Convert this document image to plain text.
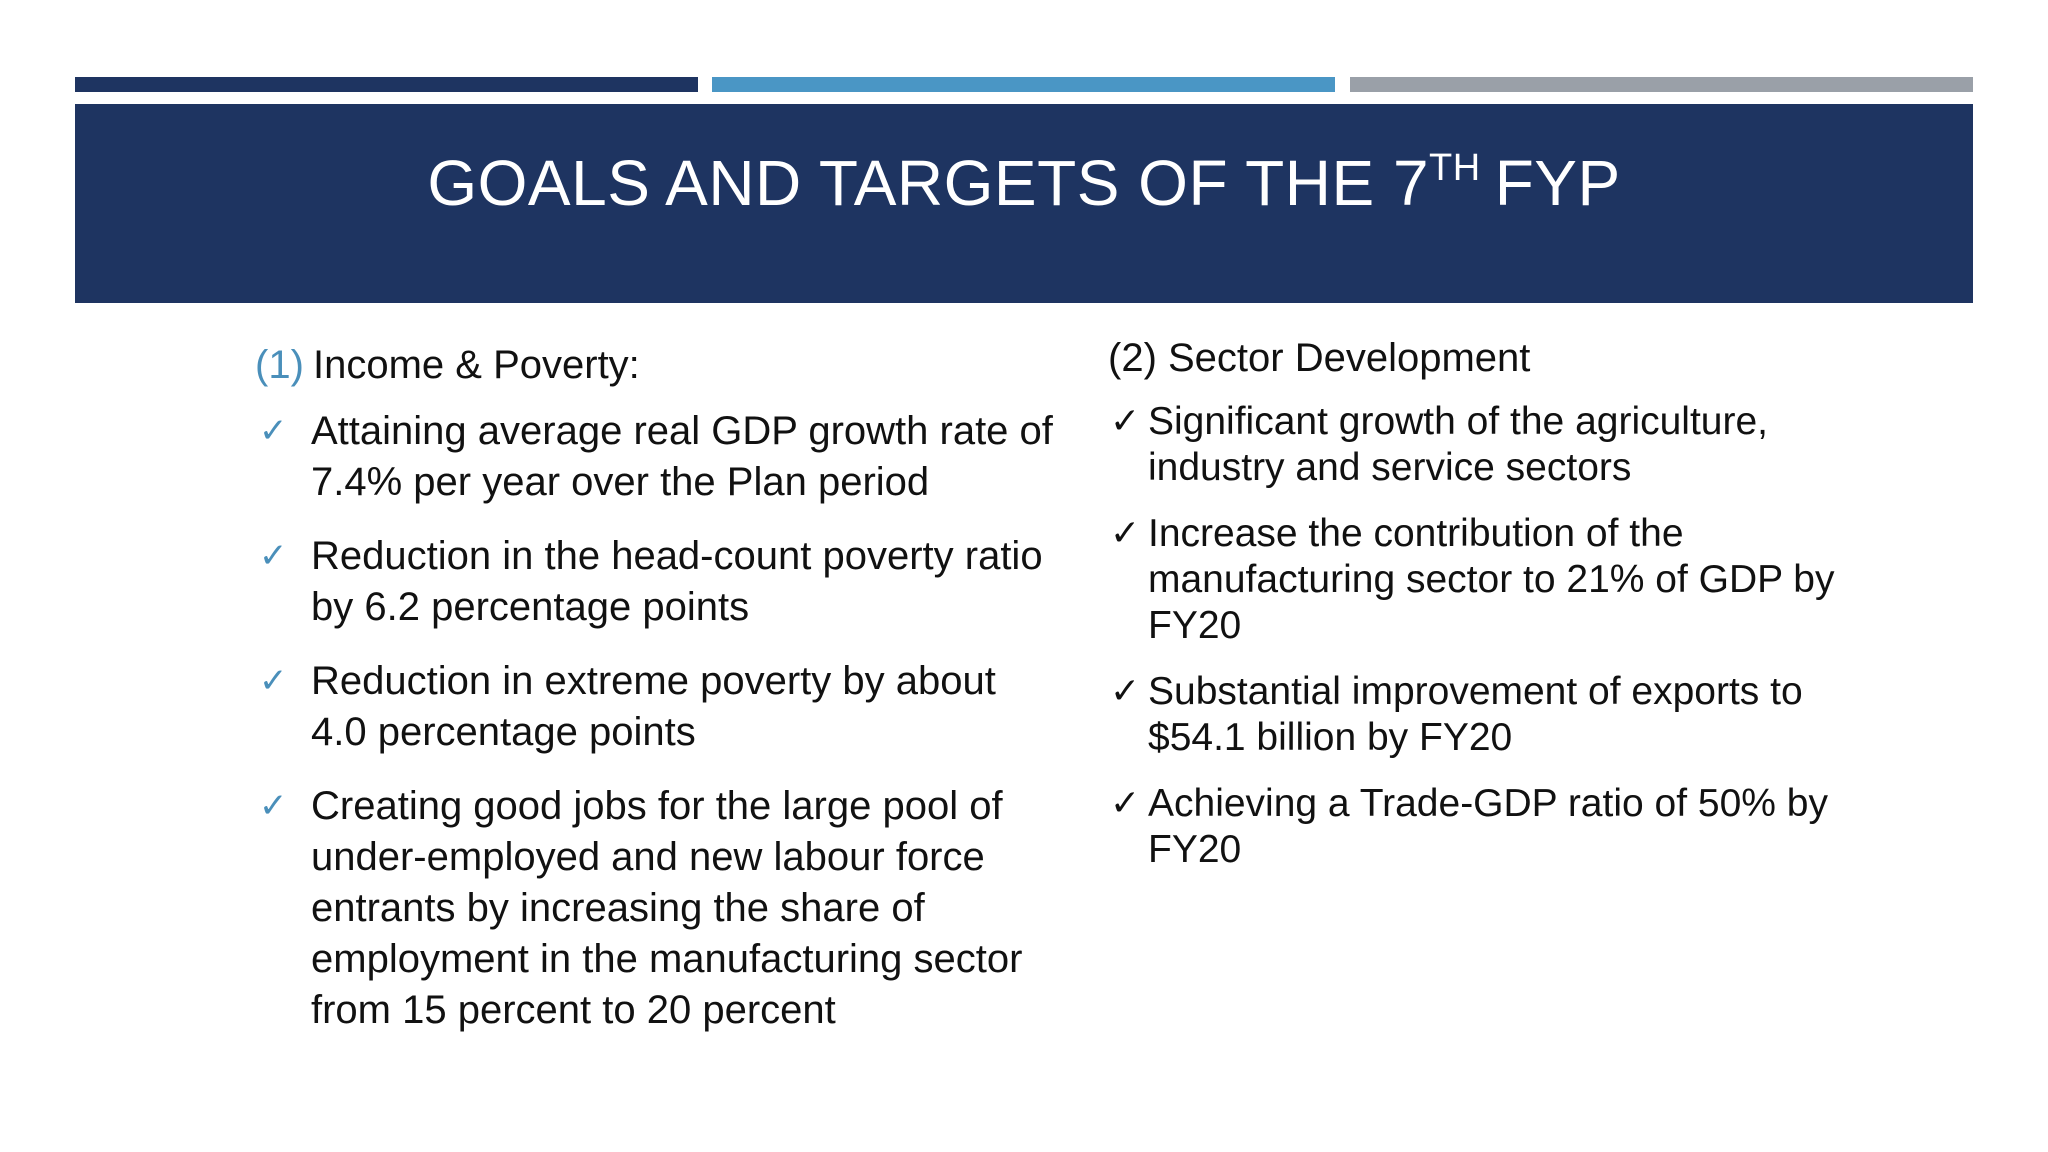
GOALS AND TARGETS OF THE 7TH FYP
(1) Income & Poverty:
✓ Attaining average real GDP growth rate of 7.4% per year over the Plan period
✓ Reduction in the head-count poverty ratio by 6.2 percentage points
✓ Reduction in extreme poverty by about 4.0 percentage points
✓ Creating good jobs for the large pool of under-employed and new labour force entrants by increasing the share of employment in the manufacturing sector from 15 percent to 20 percent
(2) Sector Development
✓ Significant growth of the agriculture, industry and service sectors
✓ Increase the contribution of the manufacturing sector to 21% of GDP by FY20
✓ Substantial improvement of exports to $54.1 billion by FY20
✓ Achieving a Trade-GDP ratio of 50% by FY20
